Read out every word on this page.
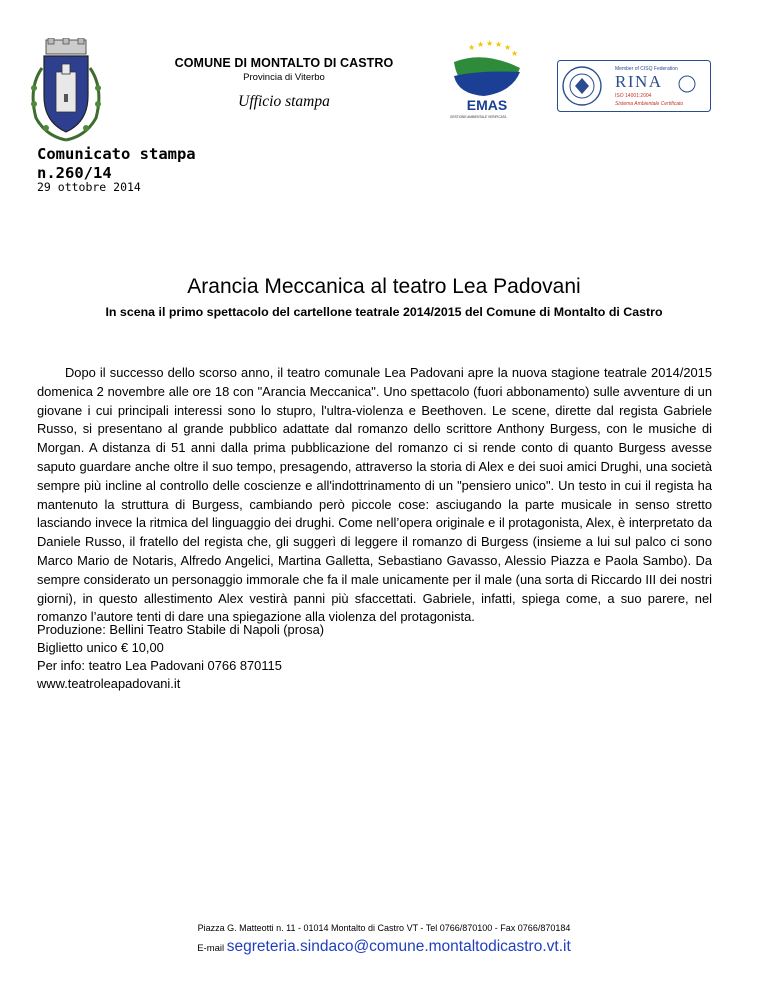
COMUNE DI MONTALTO DI CASTRO
Provincia di Viterbo
Ufficio stampa
★ ★ ★ ★ ★
★
EMAS
GESTIONE AMBIENTALE VERIFICATA
Member of CISQ Federation
RINA
ISO 14001:2004
Sistema Ambientale Certificato
Comunicato stampa
n.260/14
29 ottobre 2014
Arancia Meccanica al teatro Lea Padovani
In scena il primo spettacolo del cartellone teatrale 2014/2015 del Comune di Montalto di Castro

Dopo il successo dello scorso anno, il teatro comunale Lea Padovani apre la nuova stagione teatrale 2014/2015 domenica 2 novembre alle ore 18 con "Arancia Meccanica". Uno spettacolo (fuori abbonamento) sulle avventure di un giovane i cui principali interessi sono lo stupro, l'ultra-violenza e Beethoven. Le scene, dirette dal regista Gabriele Russo, si presentano al grande pubblico adattate dal romanzo dello scrittore Anthony Burgess, con le musiche di Morgan. A distanza di 51 anni dalla prima pubblicazione del romanzo ci si rende conto di quanto Burgess avesse saputo guardare anche oltre il suo tempo, presagendo, attraverso la storia di Alex e dei suoi amici Drughi, una società sempre più incline al controllo delle coscienze e all'indottrinamento di un "pensiero unico". Un testo in cui il regista ha mantenuto la struttura di Burgess, cambiando però piccole cose: asciugando la parte musicale in senso stretto lasciando invece la ritmica del linguaggio dei drughi. Come nell’opera originale e il protagonista, Alex, è interpretato da Daniele Russo, il fratello del regista che, gli suggerì di leggere il romanzo di Burgess (insieme a lui sul palco ci sono Marco Mario de Notaris, Alfredo Angelici, Martina Galletta, Sebastiano Gavasso, Alessio Piazza e Paola Sambo). Da sempre considerato un personaggio immorale che fa il male unicamente per il male (una sorta di Riccardo III dei nostri giorni), in questo allestimento Alex vestirà panni più sfaccettati. Gabriele, infatti, spiega come, a suo parere, nel romanzo l’autore tenti di dare una spiegazione alla violenza del protagonista.

Produzione: Bellini Teatro Stabile di Napoli (prosa)
Biglietto unico € 10,00
Per info: teatro Lea Padovani 0766 870115
www.teatroleapadovani.it
Piazza G. Matteotti n. 11 - 01014 Montalto di Castro VT - Tel 0766/870100 - Fax 0766/870184
E-mail segreteria.sindaco@comune.montaltodicastro.vt.it
